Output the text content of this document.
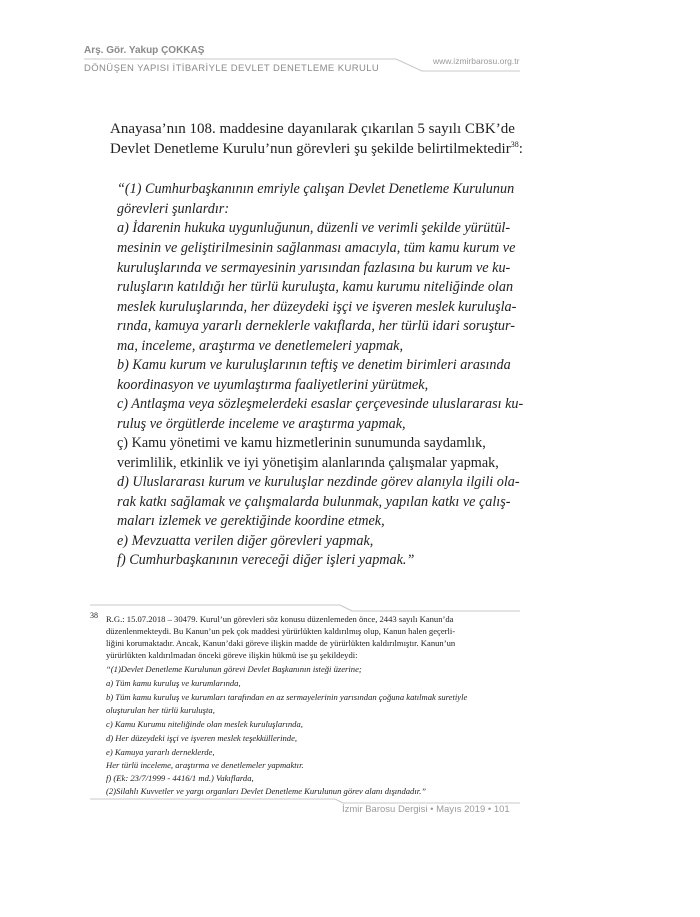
Arş. Gör. Yakup ÇOKKAŞ
DÖNÜŞEN YAPISI İTİBARİYLE DEVLET DENETLEME KURULU
www.izmirbarosu.org.tr
Anayasa’nın 108. maddesine dayanılarak çıkarılan 5 sayılı CBK’de
Devlet Denetleme Kurulu’nun görevleri şu şekilde belirtilmektedir$^{38}$:
“(1) Cumhurbaşkanının emriyle çalışan Devlet Denetleme Kurulunun
görevleri şunlardır:
a) İdarenin hukuka uygunluğunun, düzenli ve verimli şekilde yürütül-
mesinin ve geliştirilmesinin sağlanması amacıyla, tüm kamu kurum ve
kuruluşlarında ve sermayesinin yarısından fazlasına bu kurum ve ku-
ruluşların katıldığı her türlü kuruluşta, kamu kurumu niteliğinde olan
meslek kuruluşlarında, her düzeydeki işçi ve işveren meslek kuruluşla-
rında, kamuya yararlı derneklerle vakıflarda, her türlü idari soruştur-
ma, inceleme, araştırma ve denetlemeleri yapmak,
b) Kamu kurum ve kuruluşlarının teftiş ve denetim birimleri arasında
koordinasyon ve uyumlaştırma faaliyetlerini yürütmek,
c) Antlaşma veya sözleşmelerdeki esaslar çerçevesinde uluslararası ku-
ruluş ve örgütlerde inceleme ve araştırma yapmak,
ç) Kamu yönetimi ve kamu hizmetlerinin sunumunda saydamlık,
verimlilik, etkinlik ve iyi yönetişim alanlarında çalışmalar yapmak,
d) Uluslararası kurum ve kuruluşlar nezdinde görev alanıyla ilgili ola-
rak katkı sağlamak ve çalışmalarda bulunmak, yapılan katkı ve çalış-
maları izlemek ve gerektiğinde koordine etmek,
e) Mevzuatta verilen diğer görevleri yapmak,
f) Cumhurbaşkanının vereceği diğer işleri yapmak.”
38 R.G.: 15.07.2018 – 30479. Kurul’un görevleri söz konusu düzenlemeden önce, 2443 sayılı Kanun’da
düzenlenmekteydi. Bu Kanun’un pek çok maddesi yürürlükten kaldırılmış olup, Kanun halen geçerli-
liğini korumaktadır. Ancak, Kanun’daki göreve ilişkin madde de yürürlükten kaldırılmıştır. Kanun’un
yürürlükten kaldırılmadan önceki göreve ilişkin hükmü ise şu şekildeydi:
“(1)Devlet Denetleme Kurulunun görevi Devlet Başkanının isteği üzerine;
a) Tüm kamu kuruluş ve kurumlarında,
b) Tüm kamu kuruluş ve kurumları tarafından en az sermayelerinin yarısından çoğuna katılmak suretiyle
oluşturulan her türlü kuruluşta,
c) Kamu Kurumu niteliğinde olan meslek kuruluşlarında,
d) Her düzeydeki işçi ve işveren meslek teşekküllerinde,
e) Kamuya yararlı derneklerde,
Her türlü inceleme, araştırma ve denetlemeler yapmaktır.
f) (Ek: 23/7/1999 - 4416/1 md.) Vakıflarda,
(2)Silahlı Kuvvetler ve yargı organları Devlet Denetleme Kurulunun görev alanı dışındadır.”
İzmir Barosu Dergisi • Mayıs 2019 • 101
